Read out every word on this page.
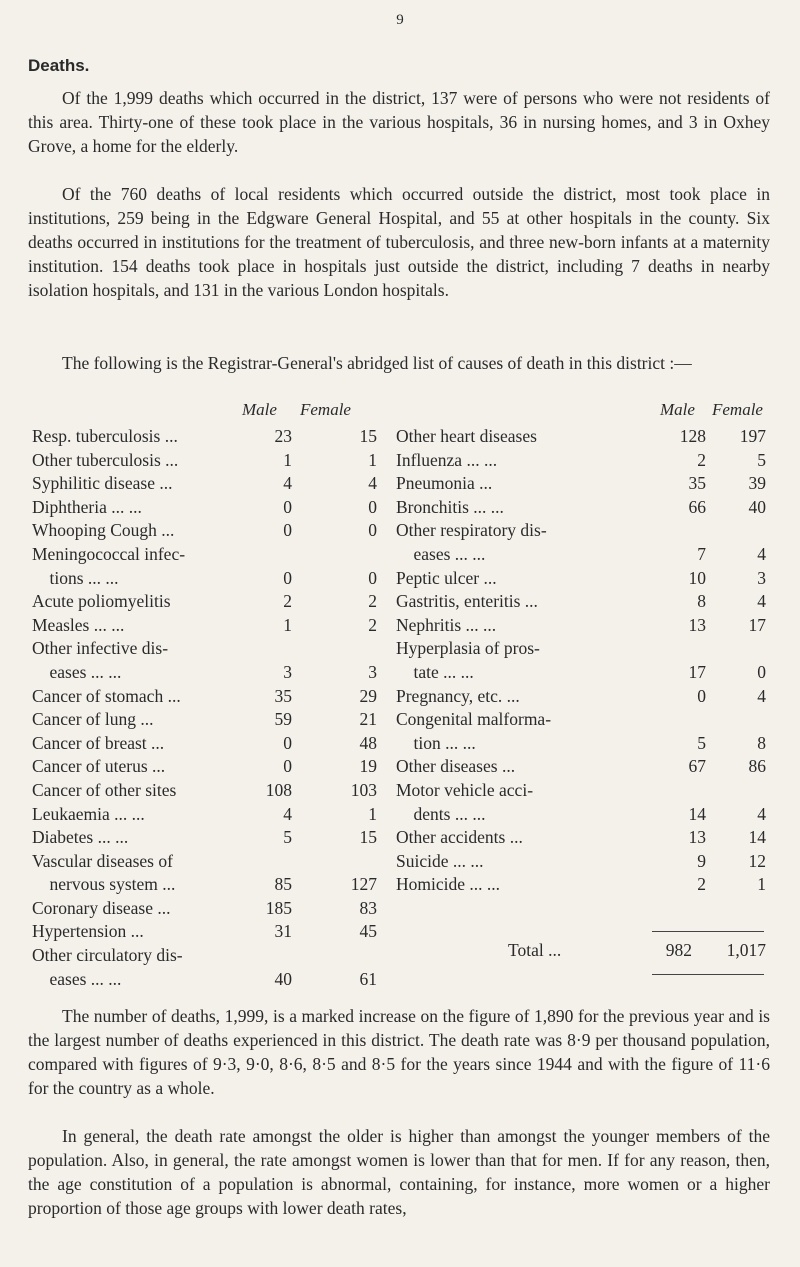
9
Deaths.

Of the 1,999 deaths which occurred in the district, 137 were of persons who were not residents of this area. Thirty-one of these took place in the various hospitals, 36 in nursing homes, and 3 in Oxhey Grove, a home for the elderly.

Of the 760 deaths of local residents which occurred outside the district, most took place in institutions, 259 being in the Edgware General Hospital, and 55 at other hospitals in the county. Six deaths occurred in institutions for the treatment of tuberculosis, and three new-born infants at a maternity institution. 154 deaths took place in hospitals just outside the district, including 7 deaths in nearby isolation hospitals, and 131 in the various London hospitals.

The following is the Registrar-General's abridged list of causes of death in this district :—

Male Female	Male Female
Resp. tuberculosis ...	23	15
Other tuberculosis ...	1	1
Syphilitic disease ...	4	4
Diphtheria ... ...	0	0
Whooping Cough ...	0	0
Meningococcal infec-
tions ... ...	0	0
Acute poliomyelitis	2	2
Measles ... ...	1	2
Other infective dis-
eases ... ...	3	3
Cancer of stomach ...	35	29
Cancer of lung ...	59	21
Cancer of breast ...	0	48
Cancer of uterus ...	0	19
Cancer of other sites	108	103
Leukaemia ... ...	4	1
Diabetes ... ...	5	15
Vascular diseases of
nervous system ...	85	127
Coronary disease ...	185	83
Hypertension ...	31	45
Other circulatory dis-
eases ... ...	40	61
Other heart diseases	128 197
Influenza ... ...	2	5
Pneumonia ...	35	39
Bronchitis ... ...	66	40
Other respiratory dis-
eases ... ...	7	4
Peptic ulcer ...	10	3
Gastritis, enteritis ...	8	4
Nephritis ... ...	13	17
Hyperplasia of pros-
tate ... ...	17	0
Pregnancy, etc. ...	0	4
Congenital malforma-
tion ... ...	5	8
Other diseases ...	67	86
Motor vehicle acci-
dents ... ...	14	4
Other accidents ...	13	14
Suicide ... ...	9	12
Homicide ... ...	2	1
Total ...	982	1,017

The number of deaths, 1,999, is a marked increase on the figure of 1,890 for the previous year and is the largest number of deaths experienced in this district. The death rate was 8·9 per thousand population, compared with figures of 9·3, 9·0, 8·6, 8·5 and 8·5 for the years since 1944 and with the figure of 11·6 for the country as a whole.

In general, the death rate amongst the older is higher than amongst the younger members of the population. Also, in general, the rate amongst women is lower than that for men. If for any reason, then, the age constitution of a population is abnormal, containing, for instance, more women or a higher proportion of those age groups with lower death rates,
